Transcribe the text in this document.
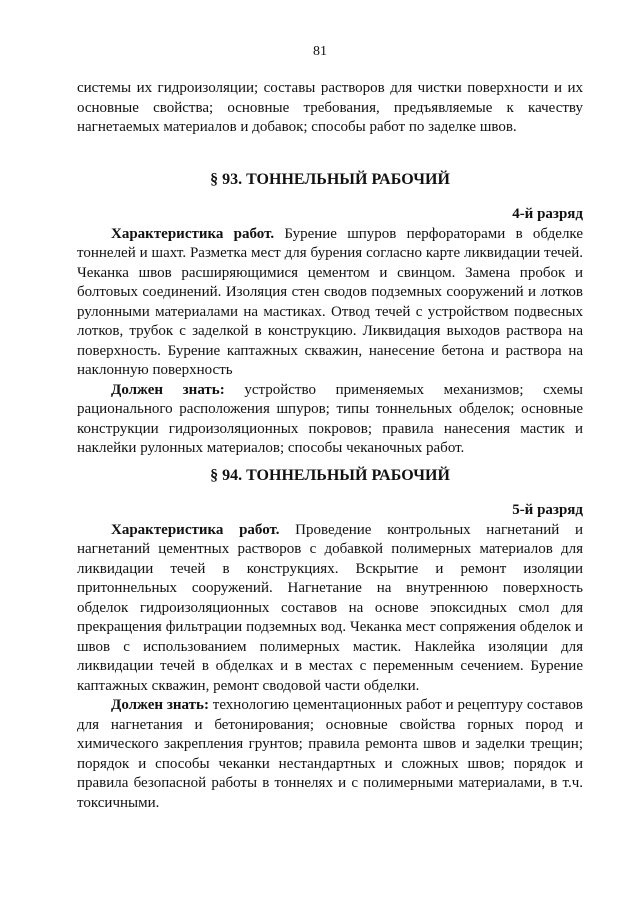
81

системы их гидроизоляции; составы растворов для чистки поверхности и их основные свойства; основные требования, предъявляемые к качеству нагнетаемых материалов и добавок; способы работ по заделке швов.

§ 93. ТОННЕЛЬНЫЙ РАБОЧИЙ

4-й разряд

Характеристика работ. Бурение шпуров перфораторами в обделке тоннелей и шахт. Разметка мест для бурения согласно карте ликвидации течей. Чеканка швов расширяющимися цементом и свинцом. Замена пробок и болтовых соединений. Изоляция стен сводов подземных сооружений и лотков рулонными материалами на мастиках. Отвод течей с устройством подвесных лотков, трубок с заделкой в конструкцию. Ликвидация выходов раствора на поверхность. Бурение каптажных скважин, нанесение бетона и раствора на наклонную поверхность

Должен знать: устройство применяемых механизмов; схемы рационального расположения шпуров; типы тоннельных обделок; основные конструкции гидроизоляционных покровов; правила нанесения мастик и наклейки рулонных материалов; способы чеканочных работ.

§ 94. ТОННЕЛЬНЫЙ РАБОЧИЙ

5-й разряд

Характеристика работ. Проведение контрольных нагнетаний и нагнетаний цементных растворов с добавкой полимерных материалов для ликвидации течей в конструкциях. Вскрытие и ремонт изоляции притоннельных сооружений. Нагнетание на внутреннюю поверхность обделок гидроизоляционных составов на основе эпоксидных смол для прекращения фильтрации подземных вод. Чеканка мест сопряжения обделок и швов с использованием полимерных мастик. Наклейка изоляции для ликвидации течей в обделках и в местах с переменным сечением. Бурение каптажных скважин, ремонт сводовой части обделки.

Должен знать: технологию цементационных работ и рецептуру составов для нагнетания и бетонирования; основные свойства горных пород и химического закрепления грунтов; правила ремонта швов и заделки трещин; порядок и способы чеканки нестандартных и сложных швов; порядок и правила безопасной работы в тоннелях и с полимерными материалами, в т.ч. токсичными.
